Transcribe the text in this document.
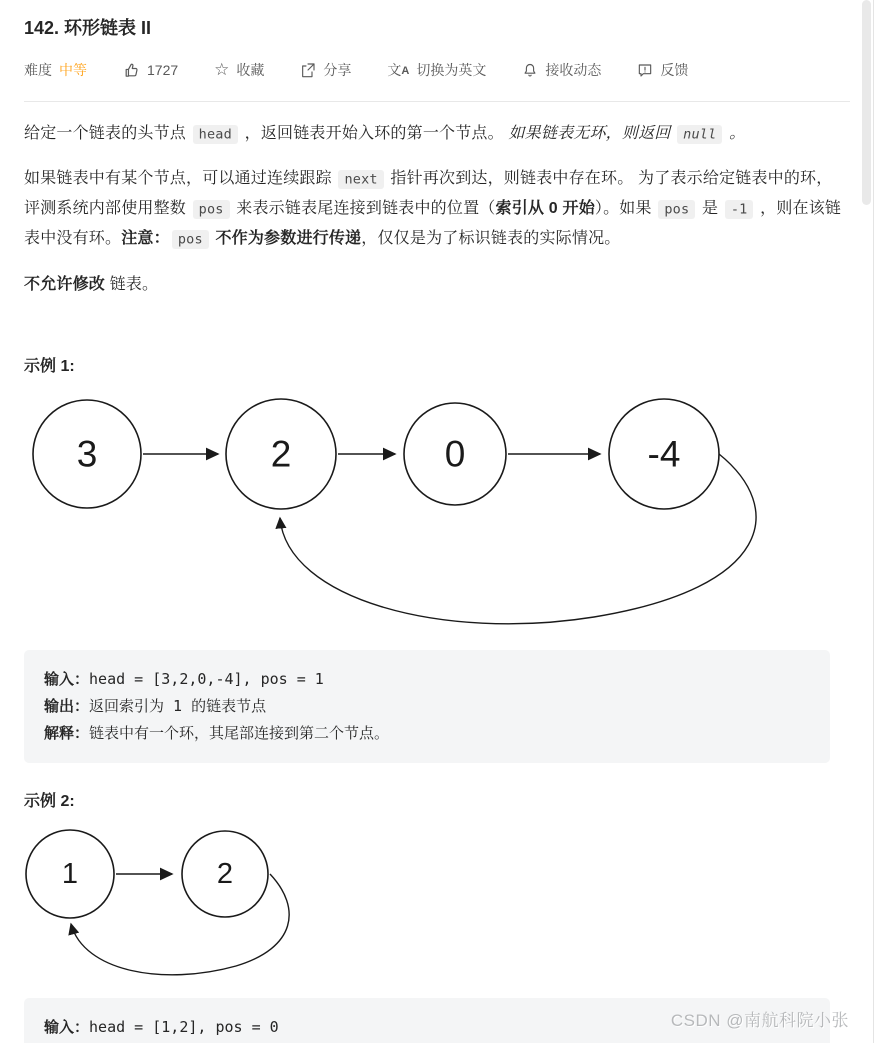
142. 环形链表 II
难度 中等	1727 ☆ 收藏	分享	文A 切换为英文	接收动态	反馈

给定一个链表的头节点 head ，返回链表开始入环的第一个节点。 如果链表无环，则返回 null 。

如果链表中有某个节点，可以通过连续跟踪 next 指针再次到达，则链表中存在环。 为了表示给定链表中的环，评测系统内部使用整数 pos 来表示链表尾连接到链表中的位置（索引从 0 开始）。如果 pos 是 -1 ，则在该链表中没有环。注意： pos 不作为参数进行传递，仅仅是为了标识链表的实际情况。

不允许修改 链表。

示例 1:
3	2	0	-4
输入：head = [3,2,0,-4], pos = 1
输出：返回索引为 1 的链表节点
解释：链表中有一个环，其尾部连接到第二个节点。
示例 2:
1	2
输入：head = [1,2], pos = 0	CSDN @南航科院小张
